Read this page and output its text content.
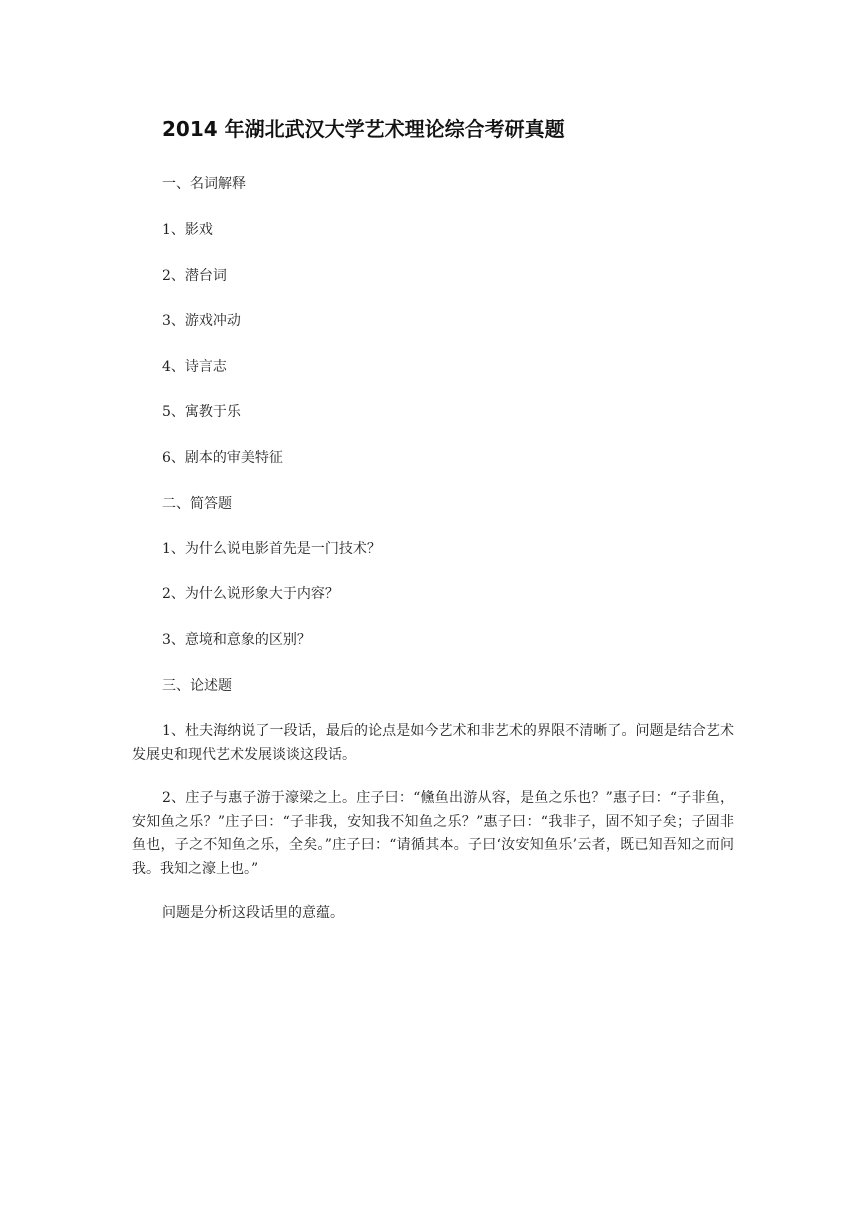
2014 年湖北武汉大学艺术理论综合考研真题
一、名词解释
1、影戏
2、潜台词
3、游戏冲动
4、诗言志
5、寓教于乐
6、剧本的审美特征
二、简答题
1、为什么说电影首先是一门技术？
2、为什么说形象大于内容？
3、意境和意象的区别？
三、论述题
1、杜夫海纳说了一段话，最后的论点是如今艺术和非艺术的界限不清晰了。问题是结合艺术发展史和现代艺术发展谈谈这段话。
2、庄子与惠子游于濠梁之上。庄子曰：“儵鱼出游从容，是鱼之乐也？”惠子曰：“子非鱼，安知鱼之乐？”庄子曰：“子非我，安知我不知鱼之乐？”惠子曰：“我非子，固不知子矣；子固非鱼也，子之不知鱼之乐，全矣。”庄子曰：“请循其本。子曰‘汝安知鱼乐’云者，既已知吾知之而问我。我知之濠上也。”
问题是分析这段话里的意蕴。
